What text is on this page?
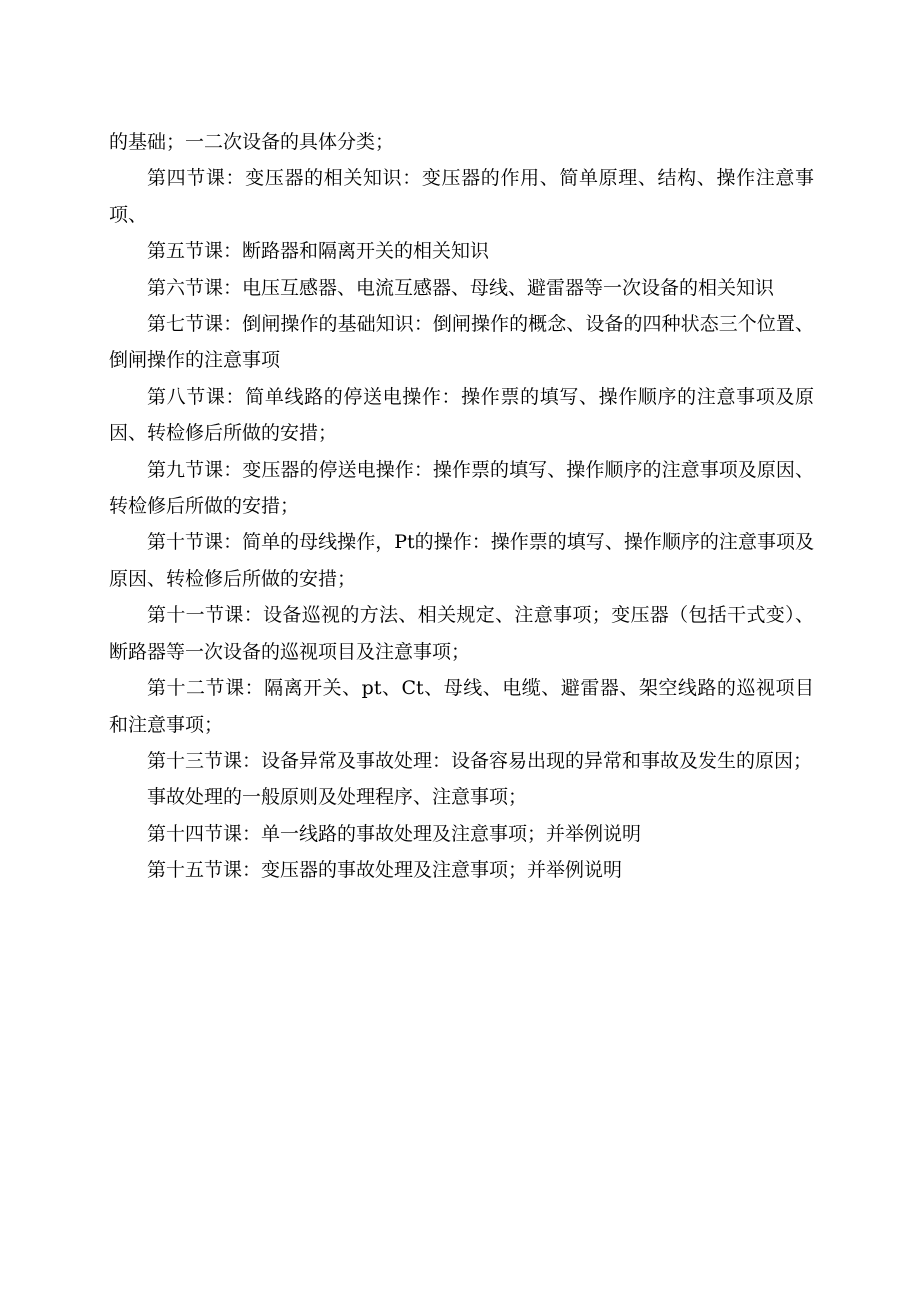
的基础；一二次设备的具体分类；

第四节课：变压器的相关知识：变压器的作用、简单原理、结构、操作注意事项、

第五节课：断路器和隔离开关的相关知识

第六节课：电压互感器、电流互感器、母线、避雷器等一次设备的相关知识

第七节课：倒闸操作的基础知识：倒闸操作的概念、设备的四种状态三个位置、倒闸操作的注意事项

第八节课：简单线路的停送电操作：操作票的填写、操作顺序的注意事项及原因、转检修后所做的安措；

第九节课：变压器的停送电操作：操作票的填写、操作顺序的注意事项及原因、转检修后所做的安措；

第十节课：简单的母线操作，Pt的操作：操作票的填写、操作顺序的注意事项及原因、转检修后所做的安措；

第十一节课：设备巡视的方法、相关规定、注意事项；变压器（包括干式变）、断路器等一次设备的巡视项目及注意事项；

第十二节课：隔离开关、pt、Ct、母线、电缆、避雷器、架空线路的巡视项目和注意事项；

第十三节课：设备异常及事故处理：设备容易出现的异常和事故及发生的原因；

事故处理的一般原则及处理程序、注意事项；

第十四节课：单一线路的事故处理及注意事项；并举例说明

第十五节课：变压器的事故处理及注意事项；并举例说明
